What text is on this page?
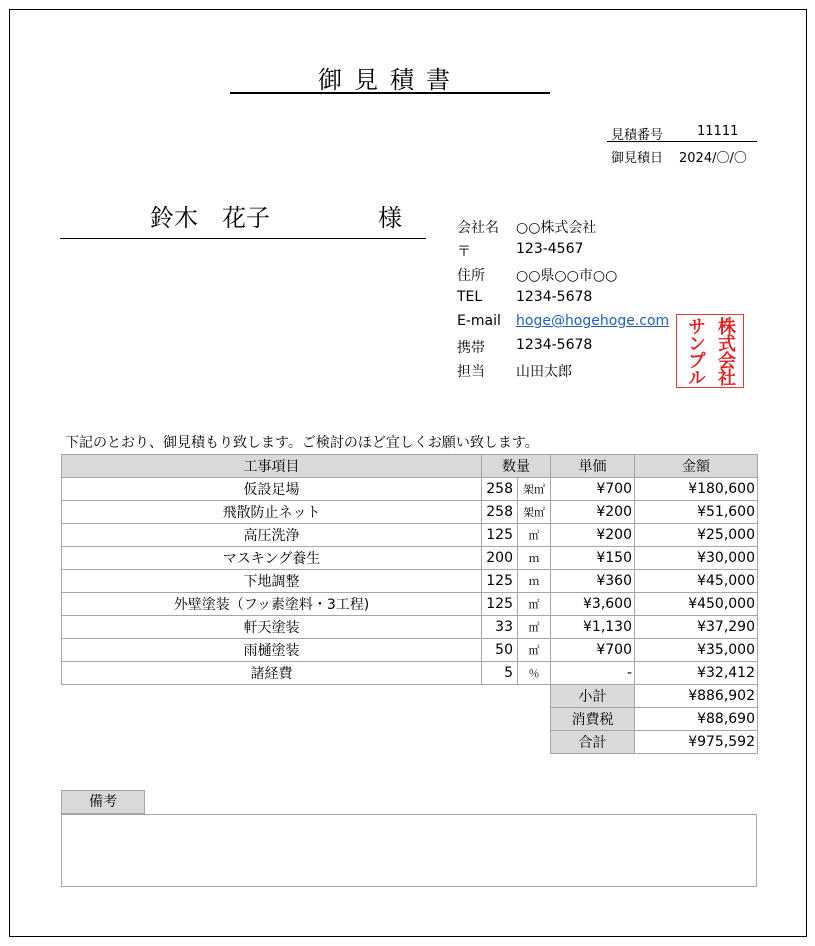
御見積書
見積番号	11111
御見積日 2024/〇/〇
鈴木　花子	様	会社名 ○○株式会社
〒	123-4567
住所 ○○県○○市○○
TEL 1234-5678
E-mail hoge@hogehoge.com
携帯 1234-5678
担当 山田太郎	株式会社
サンプル
下記のとおり、御見積もり致します。ご検討のほど宜しくお願い致します。
工事項目	数量		単価	金額
仮設足場	258	架㎡	¥700	¥180,600
飛散防止ネット	258	架㎡	¥200	¥51,600
高圧洗浄	125	㎡	¥200	¥25,000
マスキング養生	200	ｍ	¥150	¥30,000
下地調整	125	ｍ	¥360	¥45,000
外壁塗装（フッ素塗料・3工程)	125	㎡	¥3,600	¥450,000
軒天塗装	33	㎡	¥1,130	¥37,290
雨樋塗装	50	㎡	¥700	¥35,000
諸経費	5	％	-	¥32,412
			小計	¥886,902
			消費税	¥88,690
			合計	¥975,592
備考
